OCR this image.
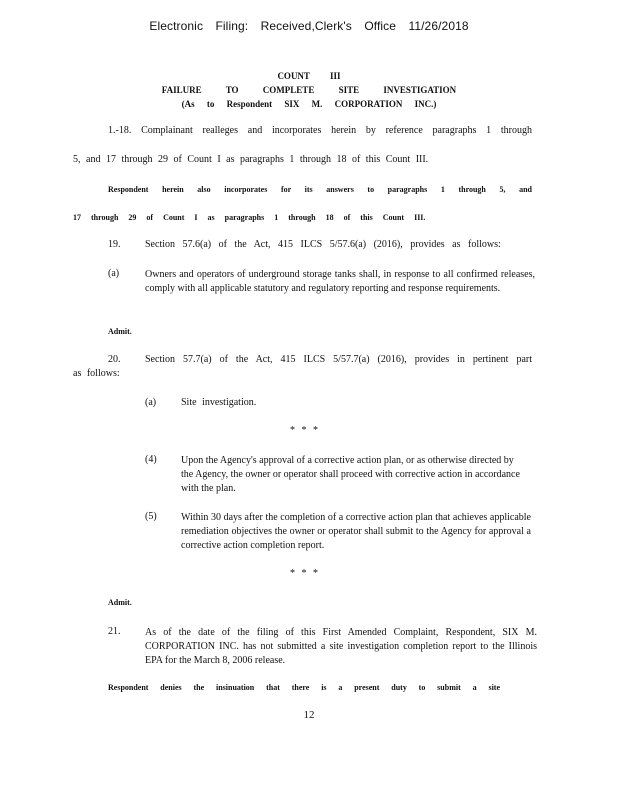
Electronic Filing: Received,Clerk's Office 11/26/2018
COUNT III
FAILURE TO COMPLETE SITE INVESTIGATION
(As to Respondent SIX M. CORPORATION INC.)
1.-18. Complainant realleges and incorporates herein by reference paragraphs 1 through
5, and 17 through 29 of Count I as paragraphs 1 through 18 of this Count III.
Respondent herein also incorporates for its answers to paragraphs 1 through 5, and
17 through 29 of Count I as paragraphs 1 through 18 of this Count III.
19. Section 57.6(a) of the Act, 415 ILCS 5/57.6(a) (2016), provides as follows:
(a)	Owners and operators of underground storage tanks shall, in response to all confirmed releases, comply with all applicable statutory and regulatory reporting and response requirements.
Admit.
20. Section 57.7(a) of the Act, 415 ILCS 5/57.7(a) (2016), provides in pertinent part
as follows:
(a) Site investigation.
* * *
(4) Upon the Agency's approval of a corrective action plan, or as otherwise directed by the Agency, the owner or operator shall proceed with corrective action in accordance with the plan.
(5) Within 30 days after the completion of a corrective action plan that achieves applicable remediation objectives the owner or operator shall submit to the Agency for approval a corrective action completion report.
* * *
Admit.
21. As of the date of the filing of this First Amended Complaint, Respondent, SIX M. CORPORATION INC. has not submitted a site investigation completion report to the Illinois EPA for the March 8, 2006 release.
Respondent denies the insinuation that there is a present duty to submit a site
12
